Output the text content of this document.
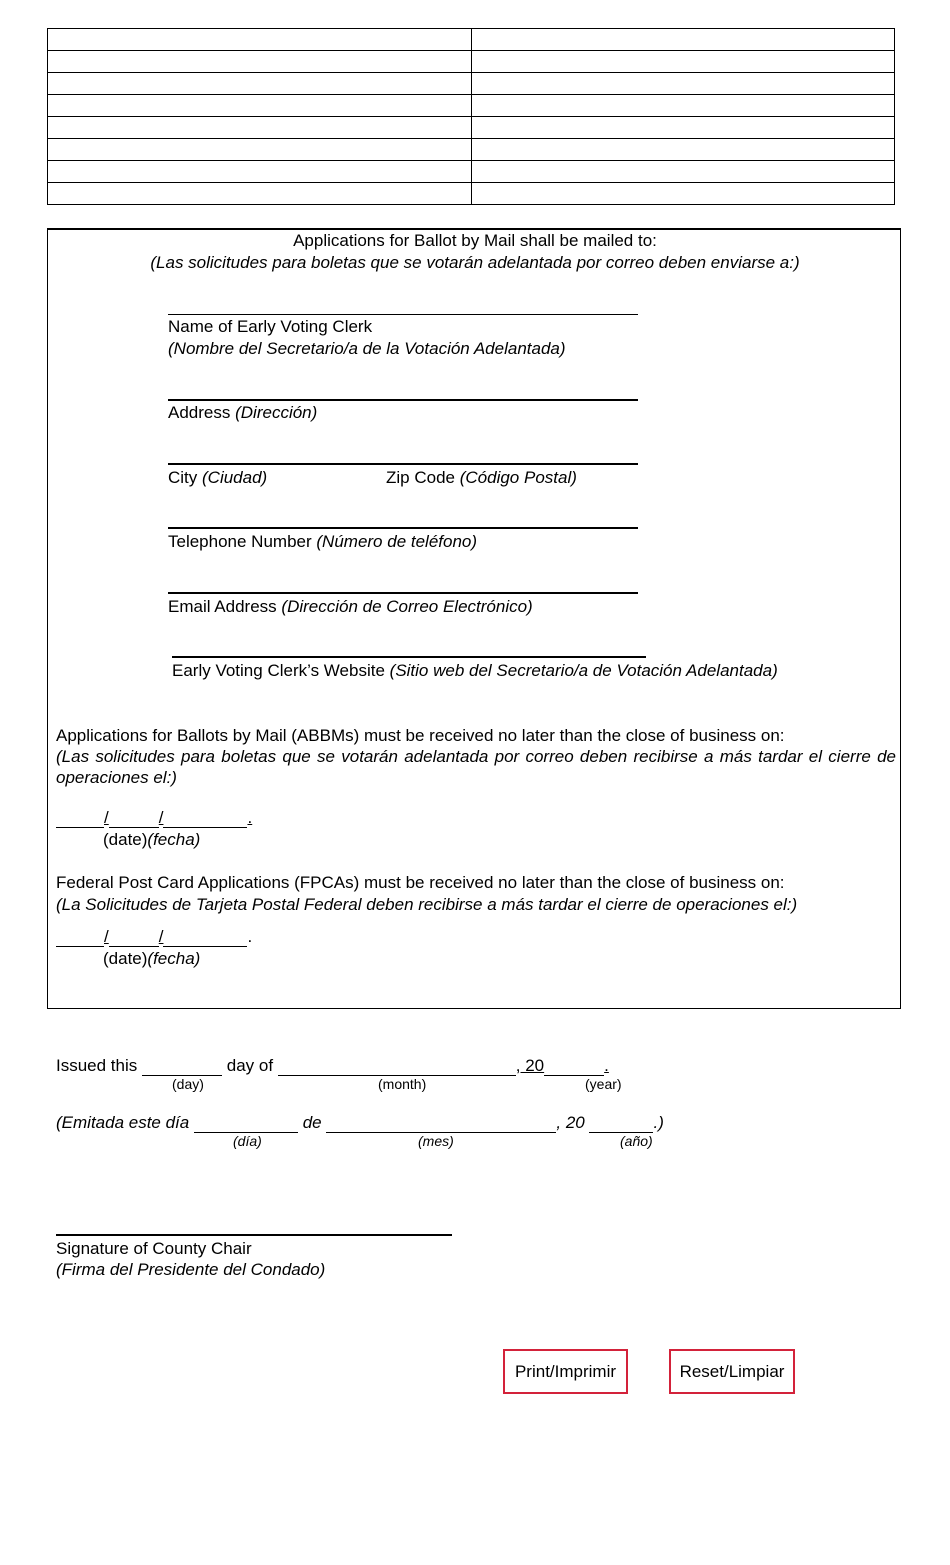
Applications for Ballot by Mail shall be mailed to:
(Las solicitudes para boletas que se votarán adelantada por correo deben enviarse a:)
Name of Early Voting Clerk
(Nombre del Secretario/a de la Votación Adelantada)
Address (Dirección)
City (Ciudad)	Zip Code (Código Postal)
Telephone Number (Número de teléfono)
Email Address (Dirección de Correo Electrónico)
Early Voting Clerk’s Website (Sitio web del Secretario/a de Votación Adelantada)
Applications for Ballots by Mail (ABBMs) must be received no later than the close of business on:
(Las solicitudes para boletas que se votarán adelantada por correo deben recibirse a más tardar el cierre de operaciones el:)
/	/	.
(date)(fecha)
Federal Post Card Applications (FPCAs) must be received no later than the close of business on:
(La Solicitudes de Tarjeta Postal Federal deben recibirse a más tardar el cierre de operaciones el:)
/	/	.
(date)(fecha)
Issued this	day of	, 20	.
(day)	(month)	(year)
(Emitada este día	de	, 20	.)
(día)	(mes)	(año)
Signature of County Chair
(Firma del Presidente del Condado)
Print/Imprimir	Reset/Limpiar
